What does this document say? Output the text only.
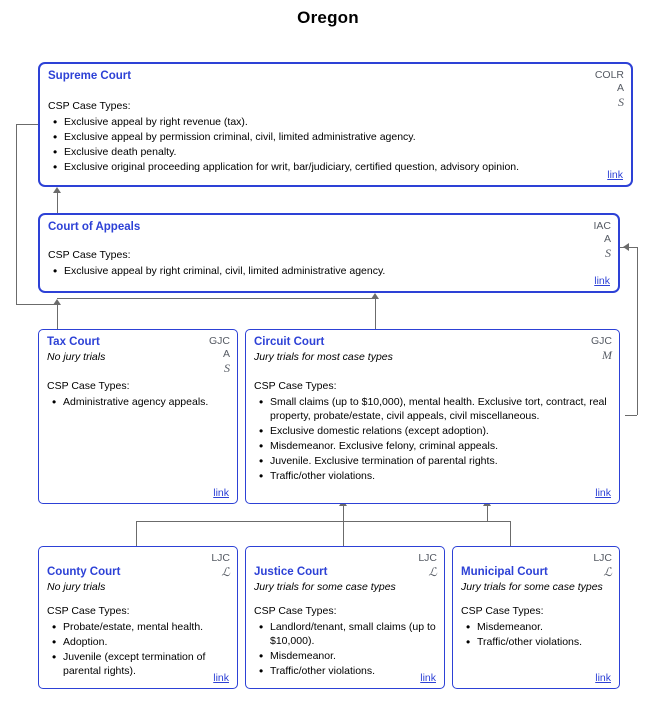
Oregon
Supreme Court	COLR
A
S
CSP Case Types:
• Exclusive appeal by right revenue (tax).
• Exclusive appeal by permission criminal, civil, limited administrative agency.
• Exclusive death penalty.
• Exclusive original proceeding application for writ, bar/judiciary, certified question, advisory opinion.
link
Court of Appeals	IAC
A
S
CSP Case Types:
• Exclusive appeal by right criminal, civil, limited administrative agency.
link
Tax Court
No jury trials
GJC
A
S
CSP Case Types:
• Administrative agency appeals.
link
Circuit Court
Jury trials for most case types
GJC
M
CSP Case Types:
• Small claims (up to $10,000), mental health. Exclusive tort, contract, real property, probate/estate, civil appeals, civil miscellaneous.
• Exclusive domestic relations (except adoption).
• Misdemeanor. Exclusive felony, criminal appeals.
• Juvenile. Exclusive termination of parental rights.
• Traffic/other violations.
link
County Court
No jury trials
LJC
ℒ
CSP Case Types:
• Probate/estate, mental health.
• Adoption.
• Juvenile (except termination of parental rights).
link
Justice Court
Jury trials for some case types
LJC
ℒ
CSP Case Types:
• Landlord/tenant, small claims (up to $10,000).
• Misdemeanor.
• Traffic/other violations.
link
Municipal Court
Jury trials for some case types
LJC
ℒ
CSP Case Types:
• Misdemeanor.
• Traffic/other violations.
link
